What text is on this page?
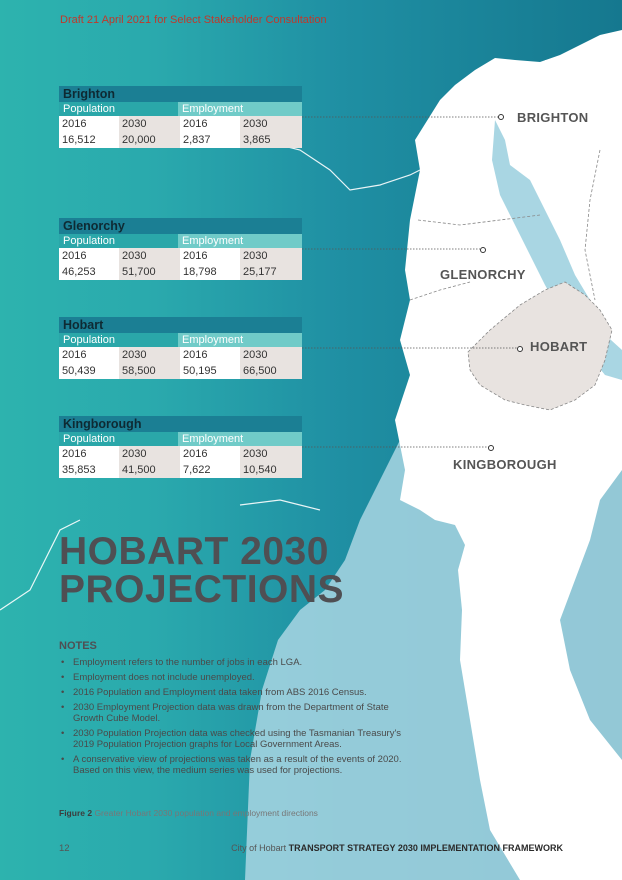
Draft 21 April 2021 for Select Stakeholder Consultation

Brighton
Population	Employment
2016	2030	2016	2030
16,512	20,000	2,837	3,865
Glenorchy
Population	Employment
2016	2030	2016	2030
46,253	51,700	18,798	25,177
Hobart
Population	Employment
2016	2030	2016	2030
50,439	58,500	50,195	66,500
Kingborough
Population	Employment
2016	2030	2016	2030
35,853	41,500	7,622	10,540

BRIGHTON

GLENORCHY

HOBART

KINGBOROUGH

HOBART 2030
PROJECTIONS

NOTES

• Employment refers to the number of jobs in each LGA.
• Employment does not include unemployed.
• 2016 Population and Employment data taken from ABS 2016 Census.
• 2030 Employment Projection data was drawn from the Department of State Growth Cube Model.
• 2030 Population Projection data was checked using the Tasmanian Treasury's 2019 Population Projection graphs for Local Government Areas.
• A conservative view of projections was taken as a result of the events of 2020. Based on this view, the medium series was used for projections.

Figure 2 Greater Hobart 2030 population and employment directions

12	City of Hobart TRANSPORT STRATEGY 2030 IMPLEMENTATION FRAMEWORK
